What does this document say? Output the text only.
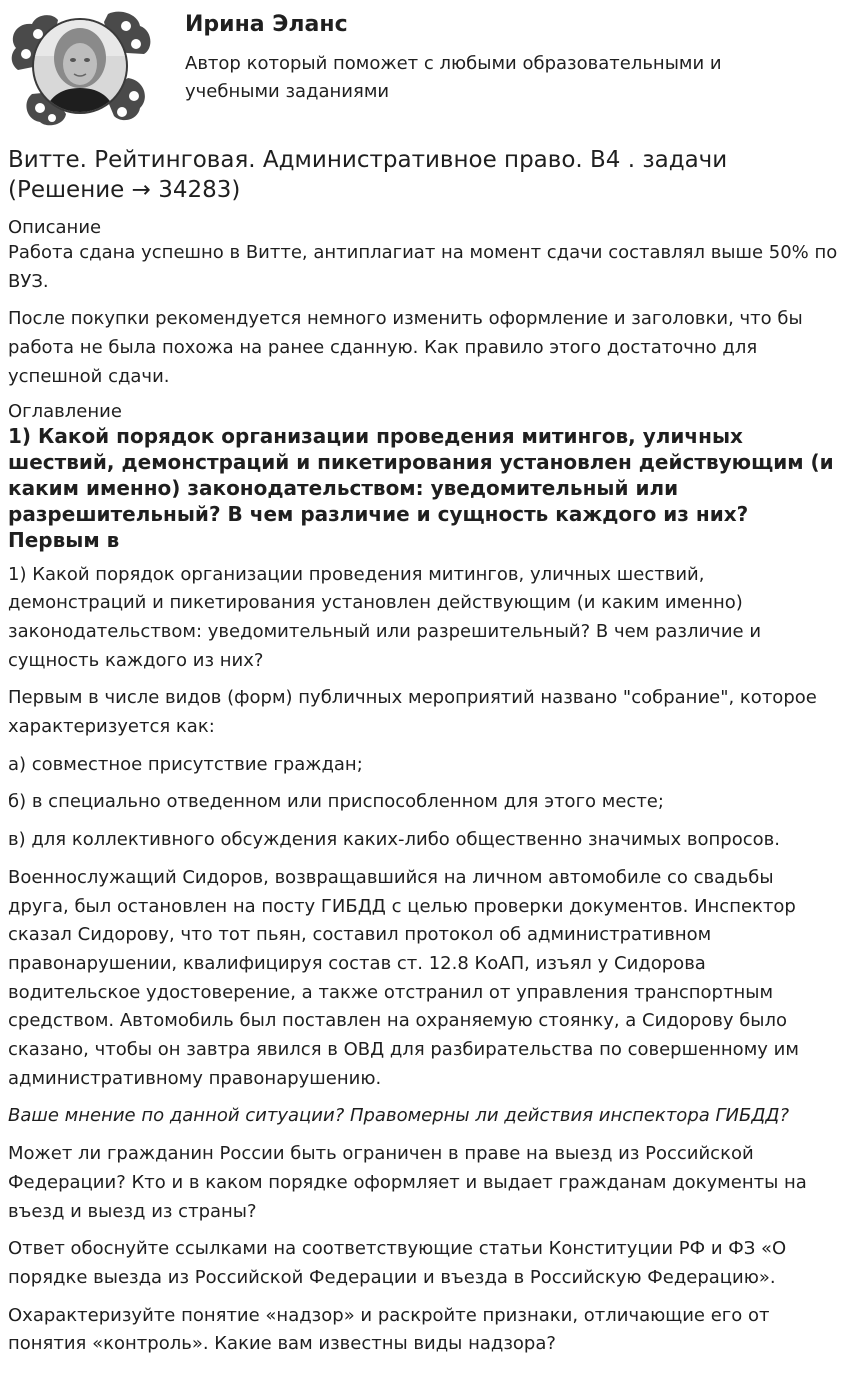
Ирина Эланс

Автор который поможет с любыми образовательными и учебными заданиями

Витте. Рейтинговая. Административное право. В4 . задачи (Решение → 34283)
Описание

Работа сдана успешно в Витте, антиплагиат на момент сдачи составлял выше 50% по ВУЗ.

После покупки рекомендуется немного изменить оформление и заголовки, что бы работа не была похожа на ранее сданную. Как правило этого достаточно для успешной сдачи.

Оглавление
1) Какой порядок организации проведения митингов, уличных шествий, демонстраций и пикетирования установлен действующим (и каким именно) законодательством: уведомительный или разрешительный? В чем различие и сущность каждого из них? Первым в

1) Какой порядок организации проведения митингов, уличных шествий, демонстраций и пикетирования установлен действующим (и каким именно) законодательством: уведомительный или разрешительный? В чем различие и сущность каждого из них?

Первым в числе видов (форм) публичных мероприятий названо "собрание", которое характеризуется как:

а) совместное присутствие граждан;

б) в специально отведенном или приспособленном для этого месте;

в) для коллективного обсуждения каких-либо общественно значимых вопросов.

Военнослужащий Сидоров, возвращавшийся на личном автомобиле со свадьбы друга, был остановлен на посту ГИБДД с целью проверки документов. Инспектор сказал Сидорову, что тот пьян, составил протокол об административном правонарушении, квалифицируя состав ст. 12.8 КоАП, изъял у Сидорова водительское удостоверение, а также отстранил от управления транспортным средством. Автомобиль был поставлен на охраняемую стоянку, а Сидорову было сказано, чтобы он завтра явился в ОВД для разбирательства по совершенному им административному правонарушению.

Ваше мнение по данной ситуации? Правомерны ли действия инспектора ГИБДД?

Может ли гражданин России быть ограничен в праве на выезд из Российской Федерации? Кто и в каком порядке оформляет и выдает гражданам документы на въезд и выезд из страны?

Ответ обоснуйте ссылками на соответствующие статьи Конституции РФ и ФЗ «О порядке выезда из Российской Федерации и въезда в Российскую Федерацию».

Охарактеризуйте понятие «надзор» и раскройте признаки, отличающие его от понятия «контроль». Какие вам известны виды надзора?
